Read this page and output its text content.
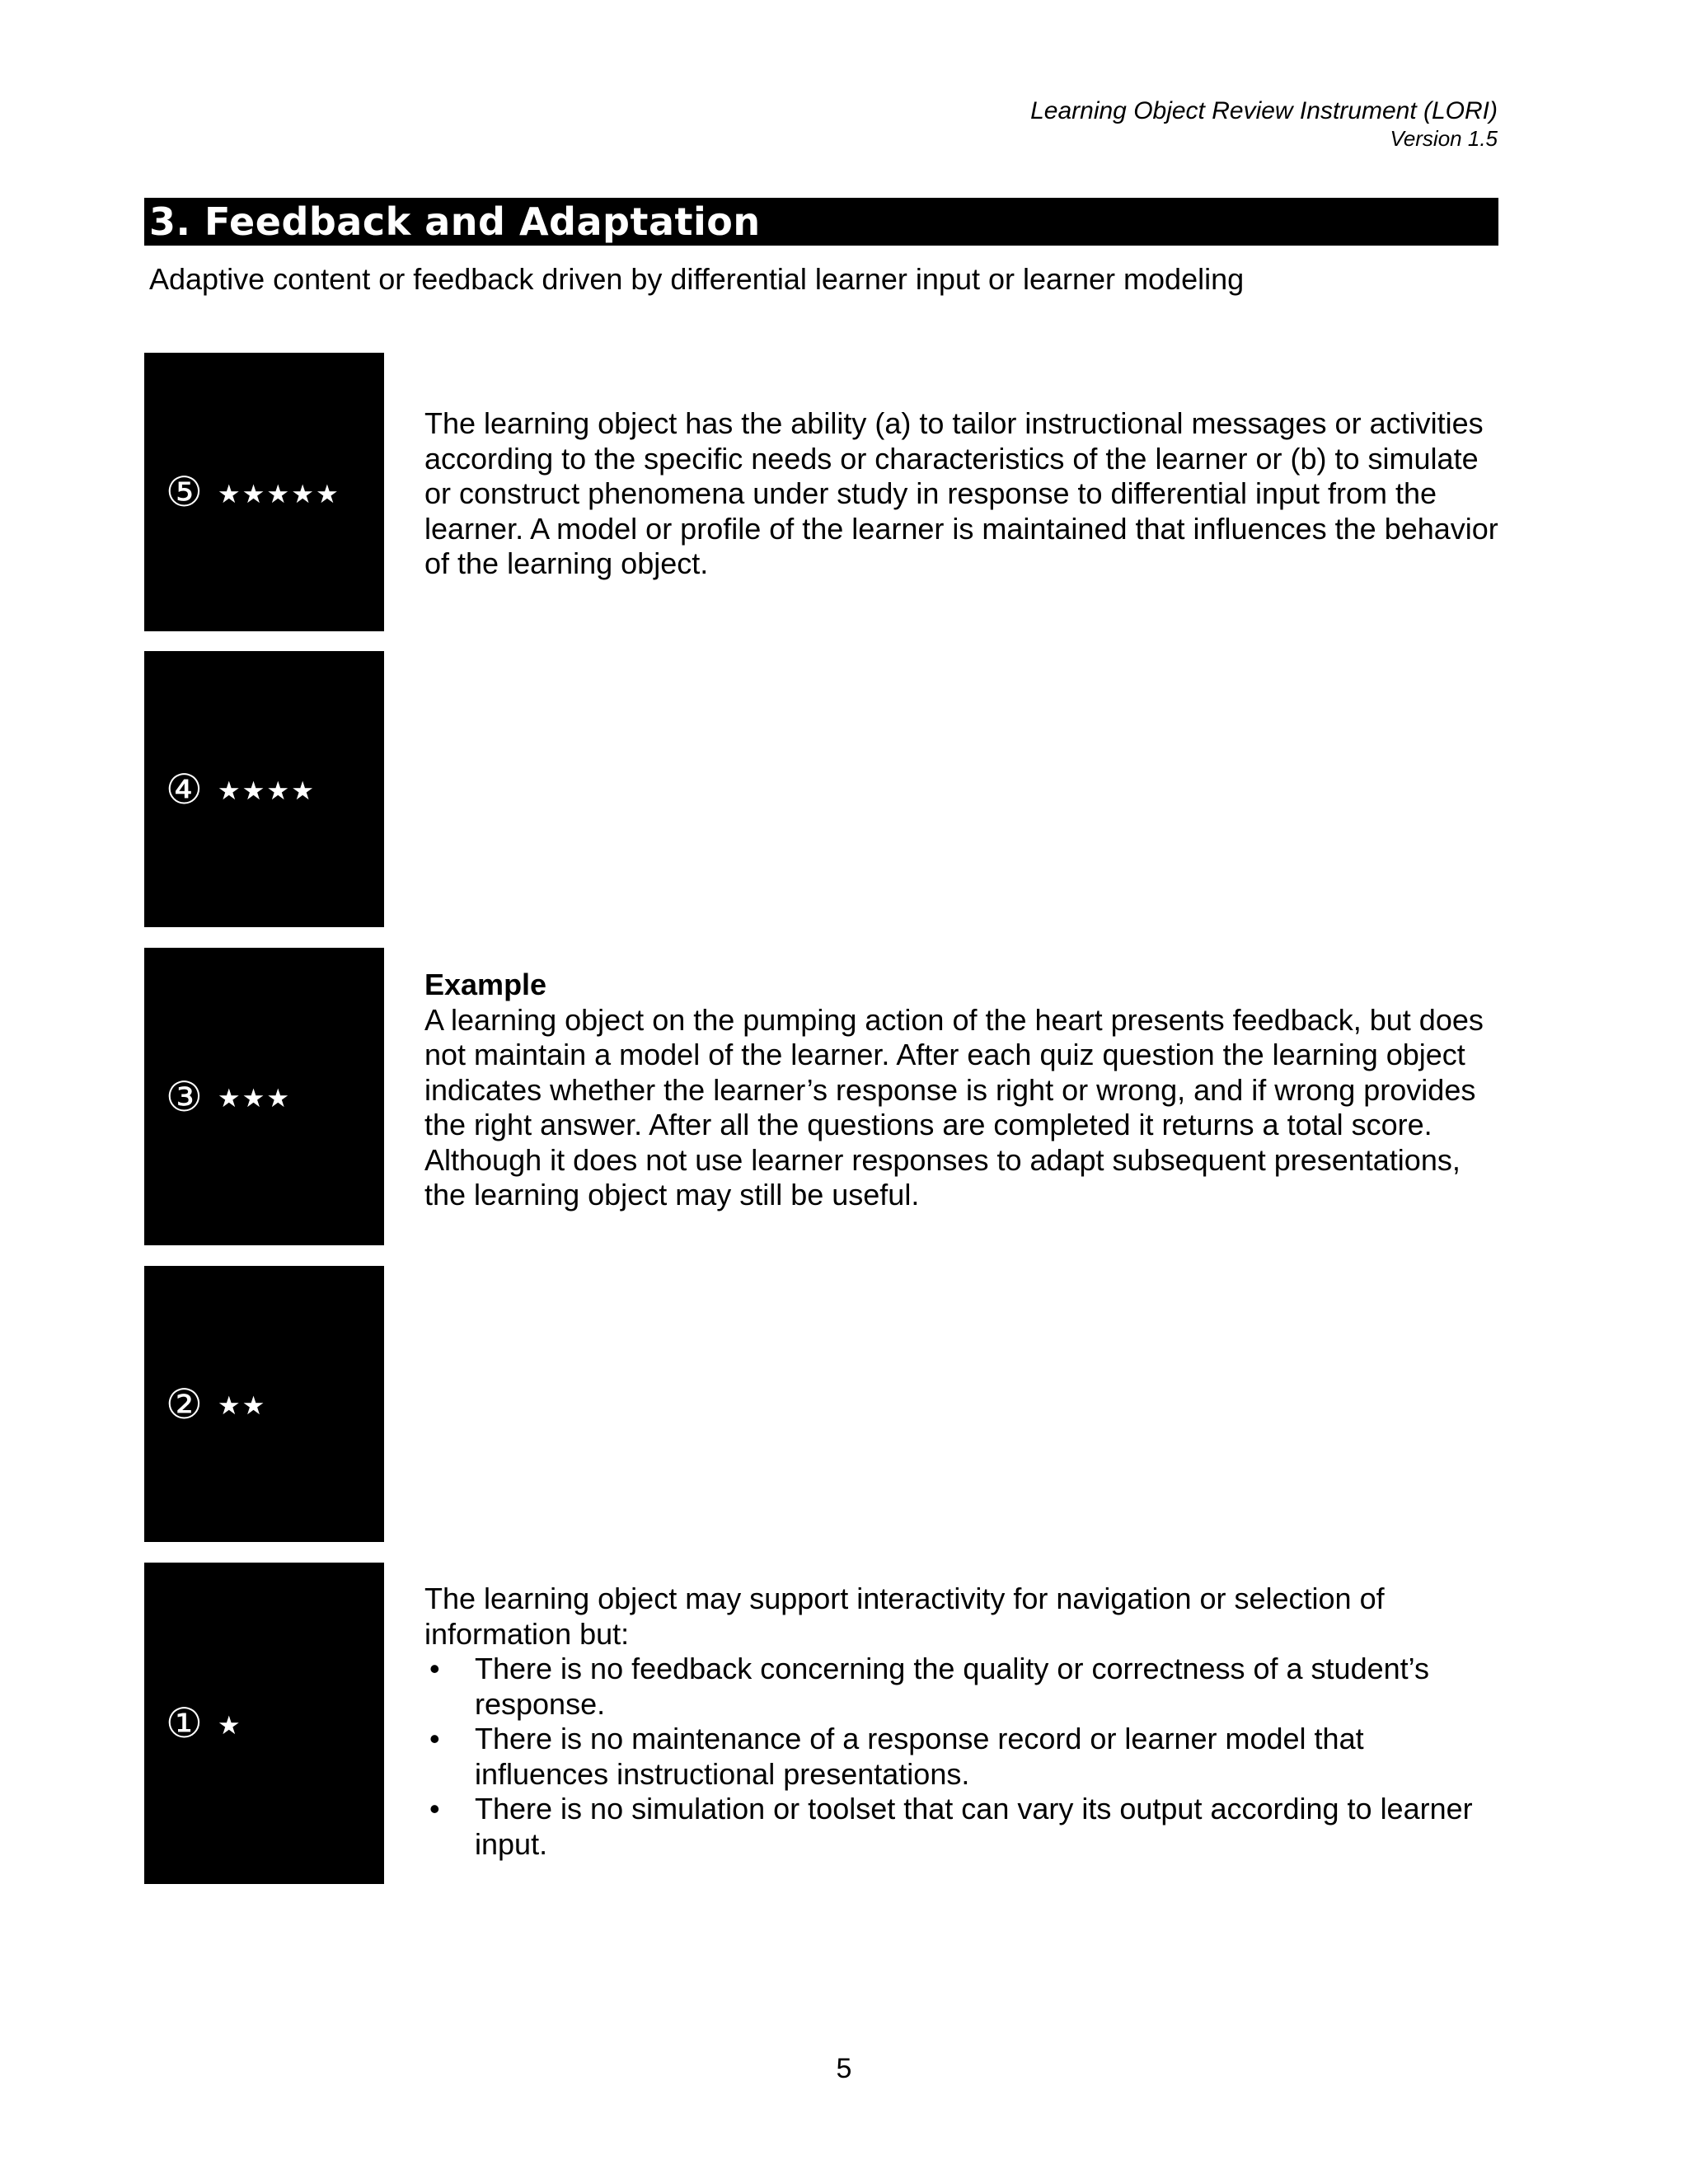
Learning Object Review Instrument (LORI)
Version 1.5
3. Feedback and Adaptation
Adaptive content or feedback driven by differential learner input or learner modeling
⑤ ★★★★★

The learning object has the ability (a) to tailor instructional messages or activities according to the specific needs or characteristics of the learner or (b) to simulate or construct phenomena under study in response to differential input from the learner. A model or profile of the learner is maintained that influences the behavior of the learning object.

④ ★★★★
③ ★★★
Example
A learning object on the pumping action of the heart presents feedback, but does not maintain a model of the learner. After each quiz question the learning object indicates whether the learner’s response is right or wrong, and if wrong provides the right answer. After all the questions are completed it returns a total score. Although it does not use learner responses to adapt subsequent presentations, the learning object may still be useful.
② ★★
① ★
The learning object may support interactivity for navigation or selection of information but:
• There is no feedback concerning the quality or correctness of a student’s response.
• There is no maintenance of a response record or learner model that influences instructional presentations.
• There is no simulation or toolset that can vary its output according to learner input.
5
